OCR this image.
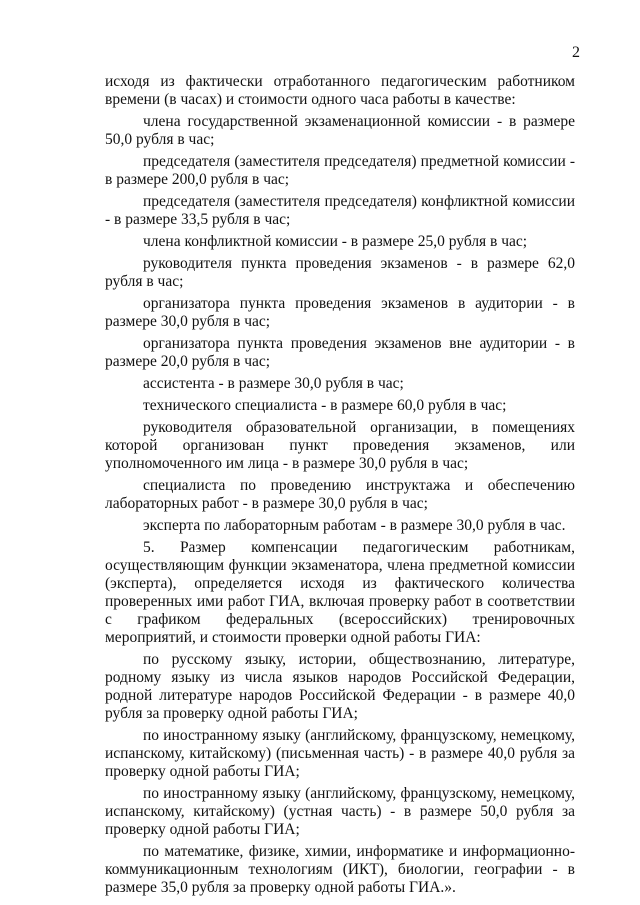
2

исходя из фактически отработанного педагогическим работником времени (в часах) и стоимости одного часа работы в качестве:

члена государственной экзаменационной комиссии - в размере 50,0 рубля в час;

председателя (заместителя председателя) предметной комиссии - в размере 200,0 рубля в час;

председателя (заместителя председателя) конфликтной комиссии - в размере 33,5 рубля в час;

члена конфликтной комиссии - в размере 25,0 рубля в час;

руководителя пункта проведения экзаменов - в размере 62,0 рубля в час;

организатора пункта проведения экзаменов в аудитории - в размере 30,0 рубля в час;

организатора пункта проведения экзаменов вне аудитории - в размере 20,0 рубля в час;

ассистента - в размере 30,0 рубля в час;

технического специалиста - в размере 60,0 рубля в час;

руководителя образовательной организации, в помещениях которой организован пункт проведения экзаменов, или уполномоченного им лица - в размере 30,0 рубля в час;

специалиста по проведению инструктажа и обеспечению лабораторных работ - в размере 30,0 рубля в час;

эксперта по лабораторным работам - в размере 30,0 рубля в час.

5. Размер компенсации педагогическим работникам, осуществляющим функции экзаменатора, члена предметной комиссии (эксперта), определяется исходя из фактического количества проверенных ими работ ГИА, включая проверку работ в соответствии с графиком федеральных (всероссийских) тренировочных мероприятий, и стоимости проверки одной работы ГИА:

по русскому языку, истории, обществознанию, литературе, родному языку из числа языков народов Российской Федерации, родной литературе народов Российской Федерации - в размере 40,0 рубля за проверку одной работы ГИА;

по иностранному языку (английскому, французскому, немецкому, испанскому, китайскому) (письменная часть) - в размере 40,0 рубля за проверку одной работы ГИА;

по иностранному языку (английскому, французскому, немецкому, испанскому, китайскому) (устная часть) - в размере 50,0 рубля за проверку одной работы ГИА;

по математике, физике, химии, информатике и информационно-коммуникационным технологиям (ИКТ), биологии, географии - в размере 35,0 рубля за проверку одной работы ГИА.».
